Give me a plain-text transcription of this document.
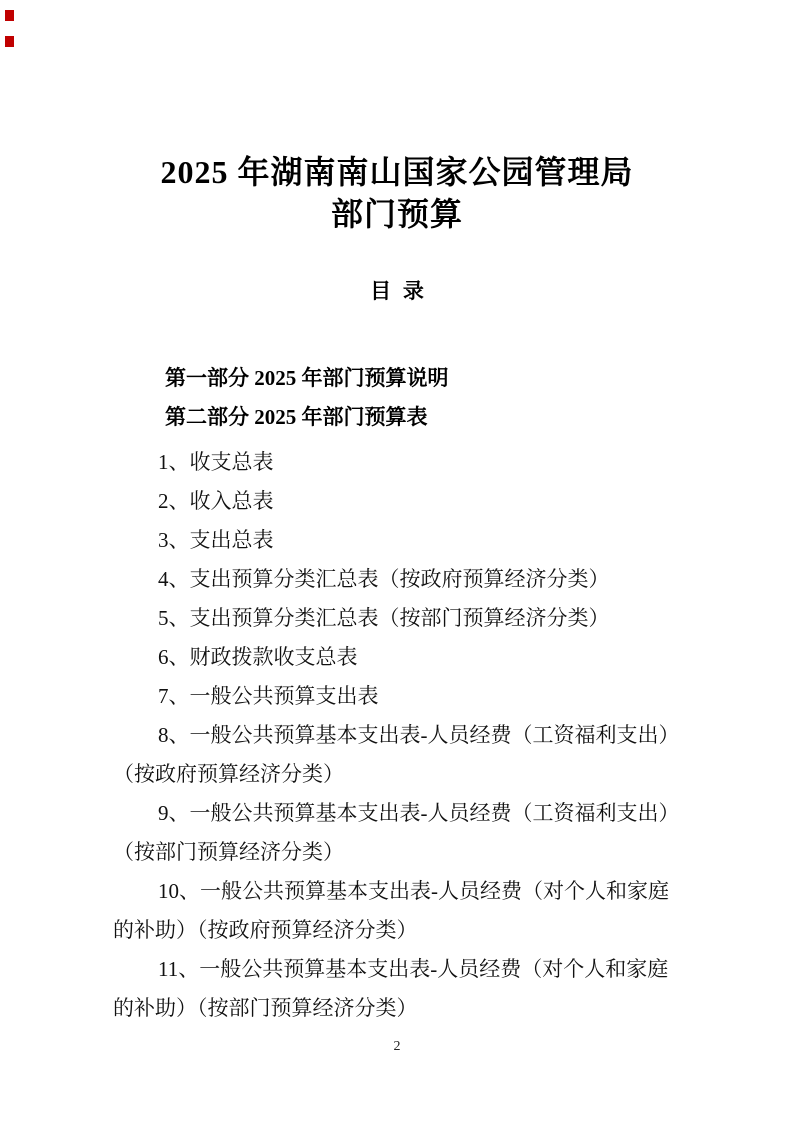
2025 年湖南南山国家公园管理局
部门预算
目  录
第一部分 2025 年部门预算说明
第二部分 2025 年部门预算表
1、收支总表
2、收入总表
3、支出总表
4、支出预算分类汇总表（按政府预算经济分类）
5、支出预算分类汇总表（按部门预算经济分类）
6、财政拨款收支总表
7、一般公共预算支出表
8、一般公共预算基本支出表-人员经费（工资福利支出）
（按政府预算经济分类）
9、一般公共预算基本支出表-人员经费（工资福利支出）
（按部门预算经济分类）
10、一般公共预算基本支出表-人员经费（对个人和家庭
的补助）（按政府预算经济分类）
11、一般公共预算基本支出表-人员经费（对个人和家庭
的补助）（按部门预算经济分类）
2
